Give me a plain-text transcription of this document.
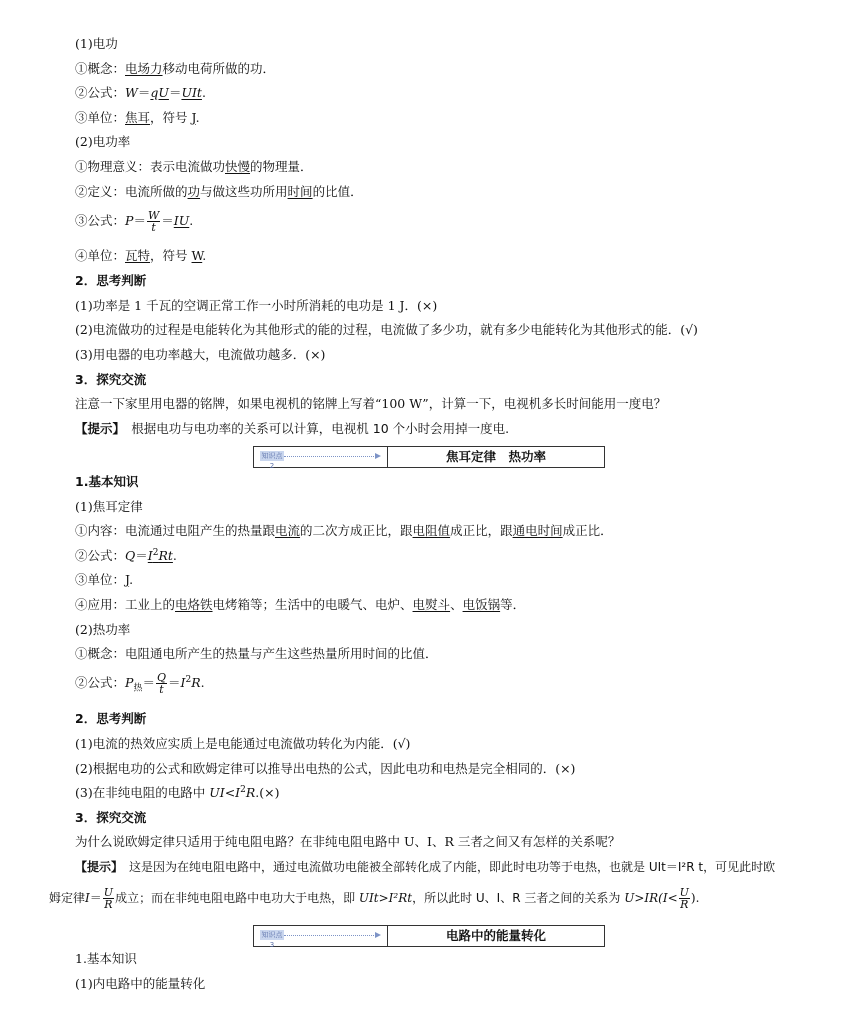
(1)电功
①概念：电场力移动电荷所做的功．
②公式：W＝qU＝UIt.
③单位：焦耳，符号 J.
(2)电功率
①物理意义：表示电流做功快慢的物理量．
②定义：电流所做的功与做这些功所用时间的比值．
③公式：$P= \frac{W}{t} =IU$.
④单位：瓦特，符号 W.
2．思考判断
(1)功率是 1 千瓦的空调正常工作一小时所消耗的电功是 1 J．(×)
(2)电流做功的过程是电能转化为其他形式的能的过程，电流做了多少功，就有多少电能转化为其他形式的能．(√)
(3)用电器的电功率越大，电流做功越多．(×)
3．探究交流
注意一下家里用电器的铭牌，如果电视机的铭牌上写着“100 W”，计算一下，电视机多长时间能用一度电？
【提示】　 根据电功与电功率的关系可以计算，电视机 10 个小时会用掉一度电.
知识点 2
焦耳定律　热功率
1.基本知识
(1)焦耳定律
①内容：电流通过电阻产生的热量跟电流的二次方成正比，跟电阻值成正比，跟通电时间成正比．
②公式：$Q=I^2Rt$.
③单位：J.
④应用：工业上的电烙铁电烤箱等；生活中的电暖气、电炉、电熨斗、电饭锅等．
(2)热功率
①概念：电阻通电所产生的热量与产生这些热量所用时间的比值．
②公式：$P_热= \frac{Q}{t} =I^2R$.
2．思考判断
(1)电流的热效应实质上是电能通过电流做功转化为内能．(√)
(2)根据电功的公式和欧姆定律可以推导出电热的公式，因此电功和电热是完全相同的．(×)
(3)在非纯电阻的电路中 $UI<I^2R.(\times)$
3．探究交流
为什么说欧姆定律只适用于纯电阻电路？在非纯电阻电路中 U、I、R 三者之间又有怎样的关系呢？
【提示】　 这是因为在纯电阻电路中，通过电流做功电能被全部转化成了内能，即此时电功等于电热，也就是 UIt＝I²R t，可见此时欧
姆定律$I= \frac{U}{R}$ 成立；而在非纯电阻电路中电功大于电热，即 UIt>I²Rt，所以此时 U、I、R 三者之间的关系为 $U>IR(I< \frac{U}{R}$ ).
知识点 3
电路中的能量转化
1.基本知识
(1)内电路中的能量转化
